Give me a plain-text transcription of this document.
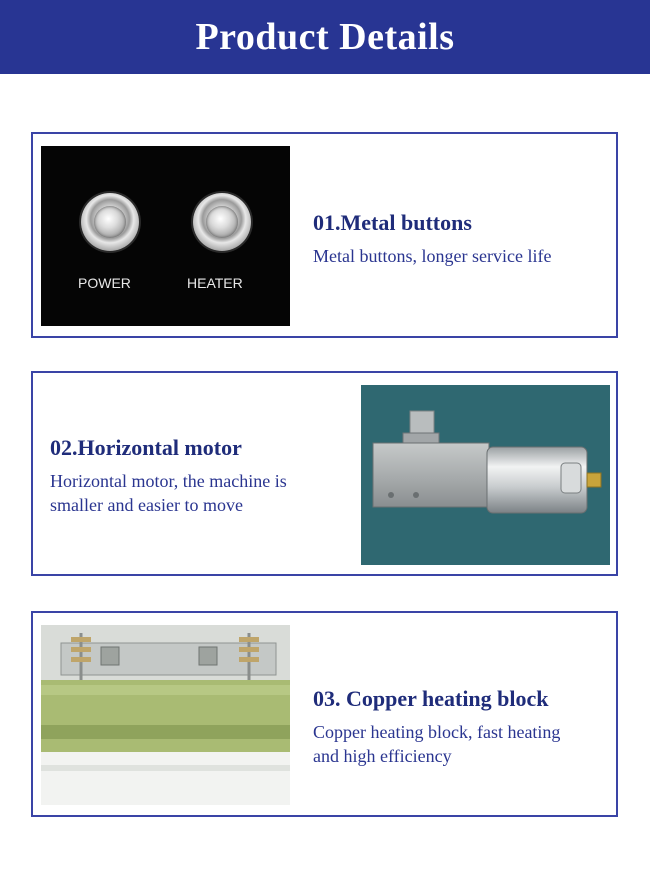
Product Details
POWER	HEATER
01.Metal buttons
Metal buttons, longer service life
02.Horizontal motor
Horizontal motor, the machine is
smaller and easier to move
03. Copper heating block
Copper heating block, fast heating
and high efficiency
